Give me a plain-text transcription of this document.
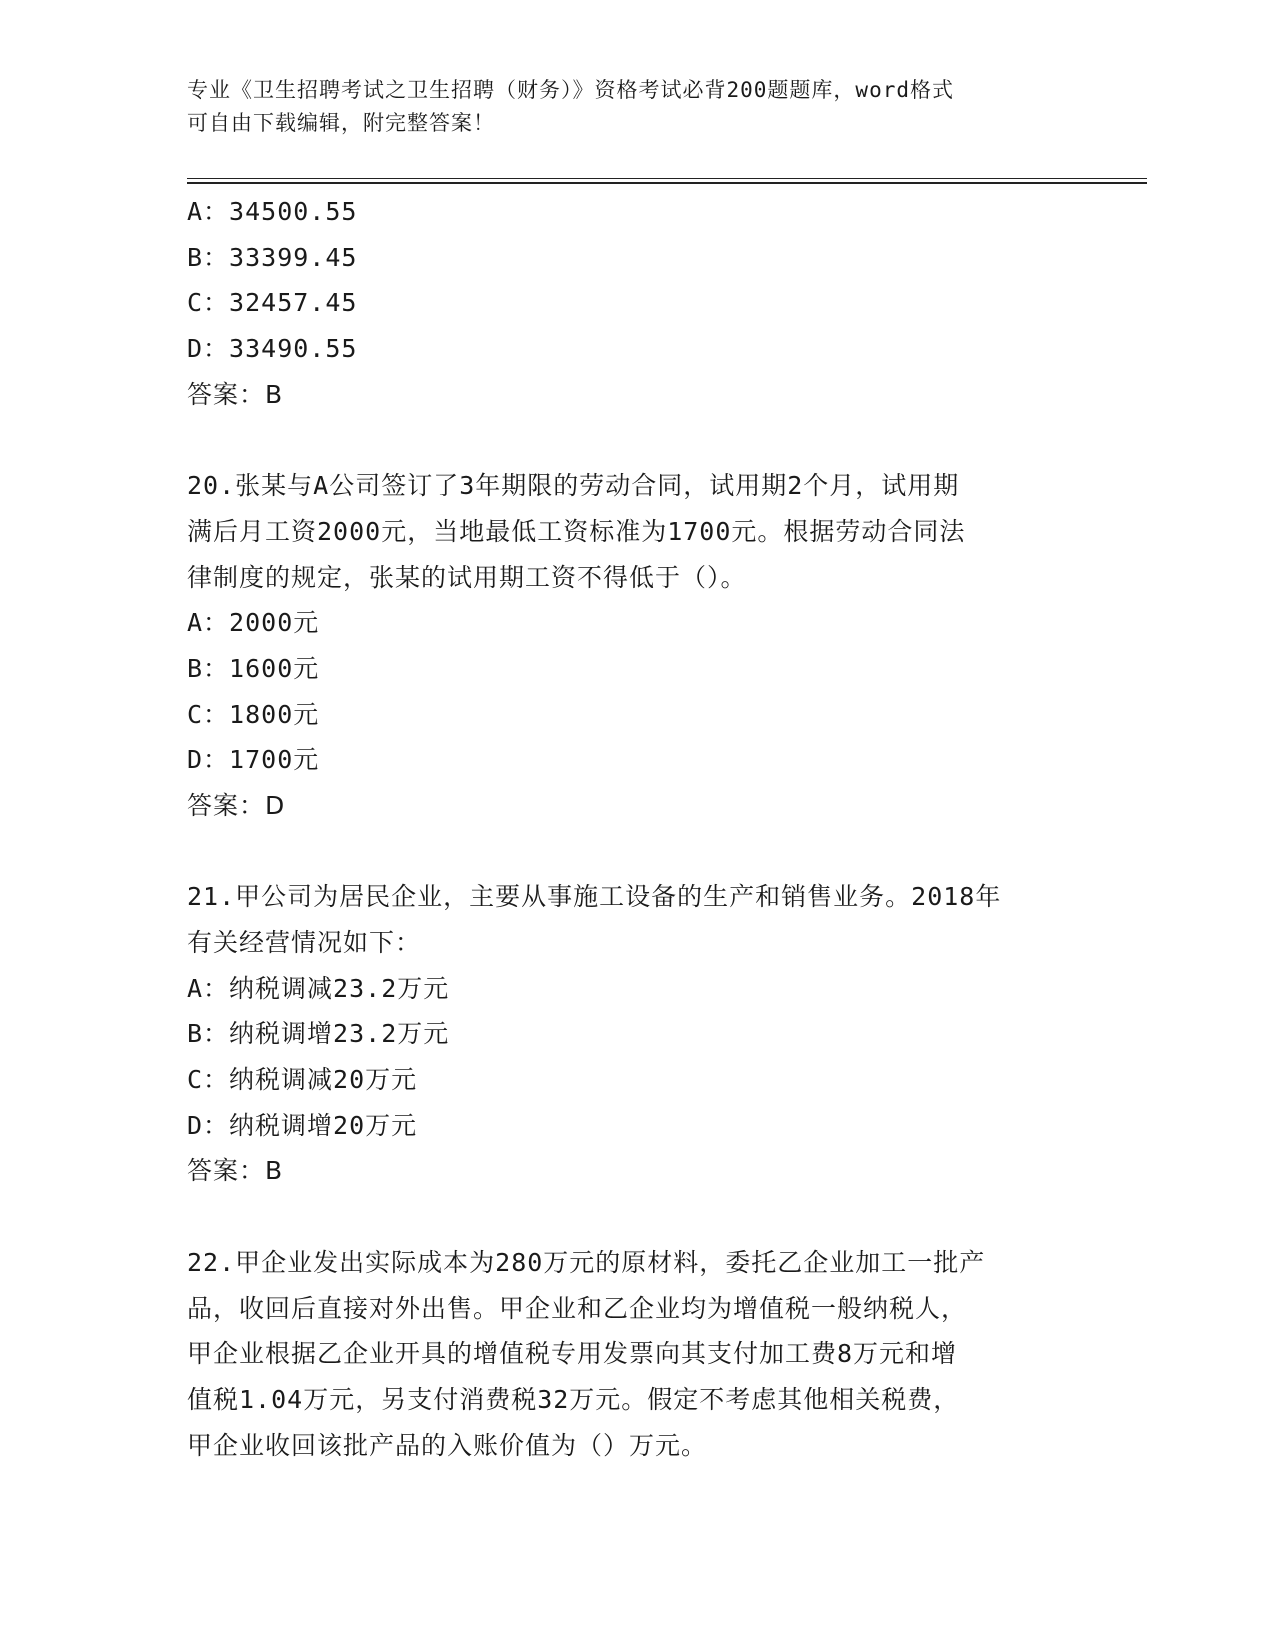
专业《卫生招聘考试之卫生招聘（财务）》资格考试必背200题题库，word格式
可自由下载编辑，附完整答案！
A：34500.55
B：33399.45
C：32457.45
D：33490.55
答案：B
20.张某与A公司签订了3年期限的劳动合同，试用期2个月，试用期
满后月工资2000元，当地最低工资标准为1700元。根据劳动合同法
律制度的规定，张某的试用期工资不得低于（）。
A：2000元
B：1600元
C：1800元
D：1700元
答案：D
21.甲公司为居民企业，主要从事施工设备的生产和销售业务。2018年
有关经营情况如下：
A：纳税调减23.2万元
B：纳税调增23.2万元
C：纳税调减20万元
D：纳税调增20万元
答案：B
22.甲企业发出实际成本为280万元的原材料，委托乙企业加工一批产
品，收回后直接对外出售。甲企业和乙企业均为增值税一般纳税人，
甲企业根据乙企业开具的增值税专用发票向其支付加工费8万元和增
值税1.04万元，另支付消费税32万元。假定不考虑其他相关税费，
甲企业收回该批产品的入账价值为（）万元。
